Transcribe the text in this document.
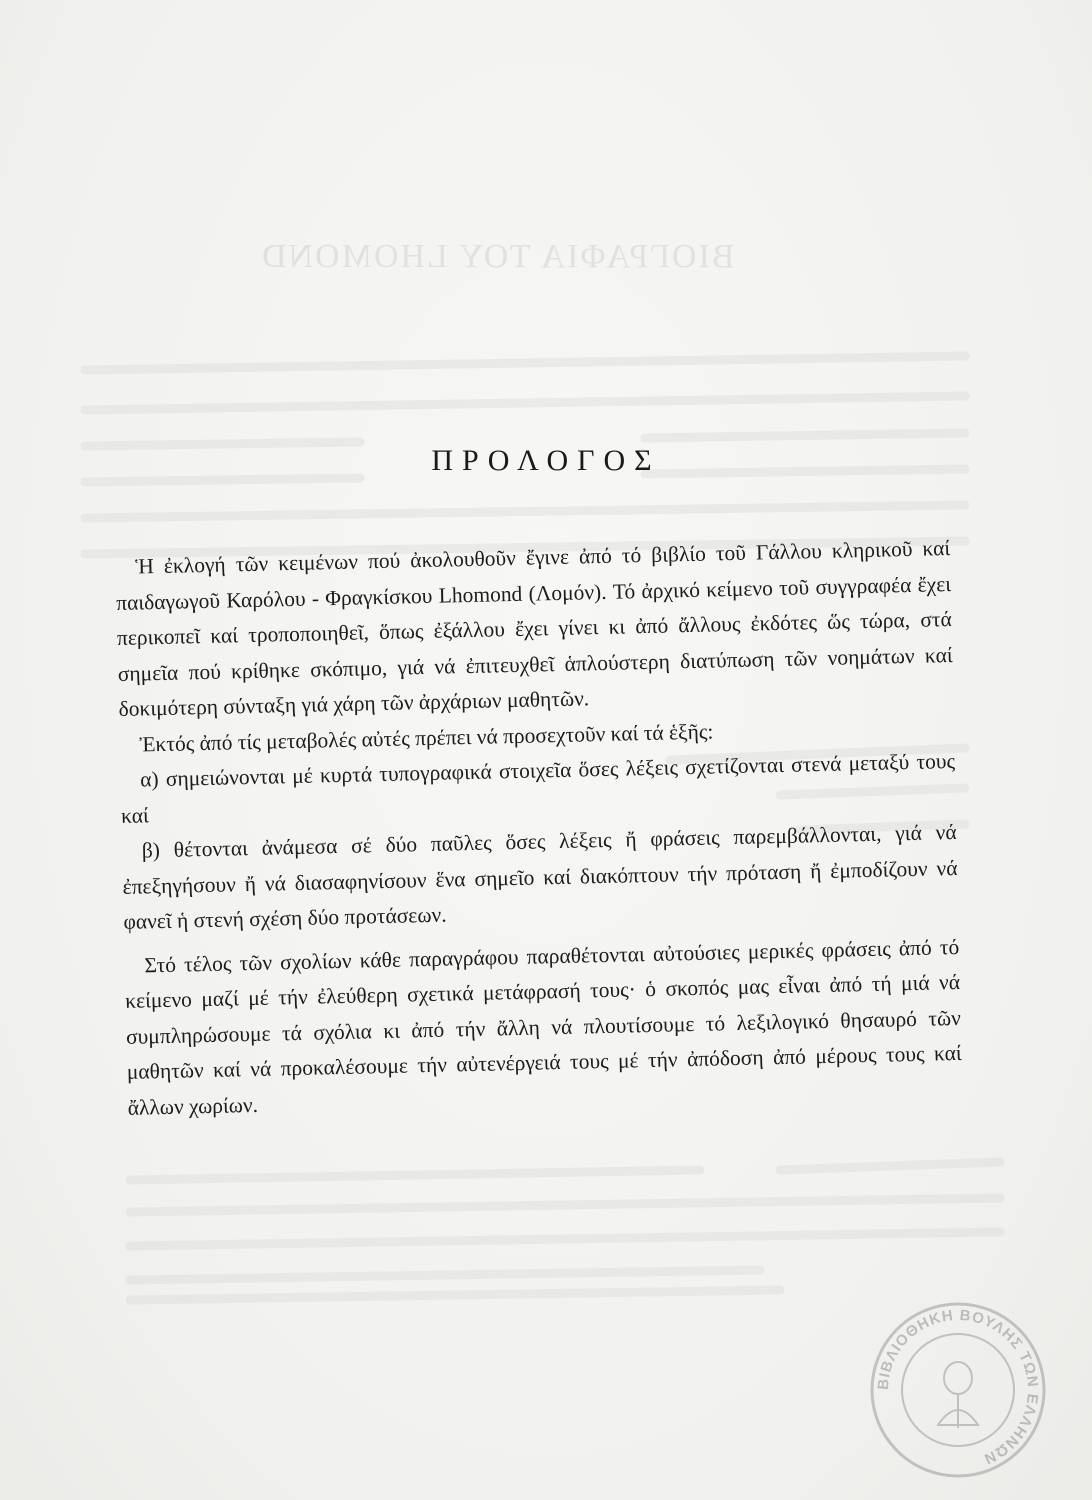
ΒΙΟΓΡΑΦΙΑ ΤΟΥ LHOMOND
ΠΡΟΛΟΓΟΣ

Ἡ ἐκλογή τῶν κειμένων πού ἀκολουθοῦν ἔγινε ἀπό τό βιβλίο τοῦ Γάλλου κληρικοῦ καί παιδαγωγοῦ Καρόλου - Φραγκίσκου Lhomond (Λομόν). Τό ἀρχικό κείμενο τοῦ συγγραφέα ἔχει περικοπεῖ καί τροποποιηθεῖ, ὅπως ἐξάλλου ἔχει γίνει κι ἀπό ἄλλους ἐκδότες ὥς τώρα, στά σημεῖα πού κρίθηκε σκόπιμο, γιά νά ἐπιτευχθεῖ ἁπλούστερη διατύπωση τῶν νοημάτων καί δοκιμότερη σύνταξη γιά χάρη τῶν ἀρχάριων μαθητῶν.

Ἐκτός ἀπό τίς μεταβολές αὐτές πρέπει νά προσεχτοῦν καί τά ἑξῆς:

α) σημειώνονται μέ κυρτά τυπογραφικά στοιχεῖα ὅσες λέξεις σχετίζονται στενά μεταξύ τους καί

β) θέτονται ἀνάμεσα σέ δύο παῦλες ὅσες λέξεις ἤ φράσεις παρεμβάλλονται, γιά νά ἐπεξηγήσουν ἤ νά διασαφηνίσουν ἕνα σημεῖο καί διακόπτουν τήν πρόταση ἤ ἐμποδίζουν νά φανεῖ ἡ στενή σχέση δύο προτάσεων.

Στό τέλος τῶν σχολίων κάθε παραγράφου παραθέτονται αὐτούσιες μερικές φράσεις ἀπό τό κείμενο μαζί μέ τήν ἐλεύθερη σχετικά μετάφρασή τους· ὁ σκοπός μας εἶναι ἀπό τή μιά νά συμπληρώσουμε τά σχόλια κι ἀπό τήν ἄλλη νά πλουτίσουμε τό λεξιλογικό θησαυρό τῶν μαθητῶν καί νά προκαλέσουμε τήν αὐτενέργειά τους μέ τήν ἀπόδοση ἀπό μέρους τους καί ἄλλων χωρίων.

ΒΙΒΛΙΟΘΗΚΗ ΒΟΥΛΗΣ ΤΩΝ ΕΛΛΗΝΩΝ
